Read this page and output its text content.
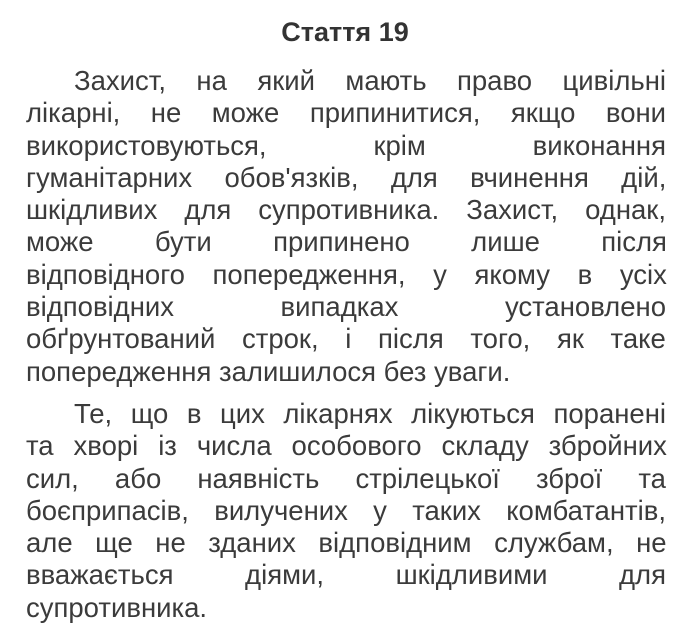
Стаття 19
Захист, на який мають право цивільні
лікарні, не може припинитися, якщо вони
використовуються,	крім	виконання
гуманітарних обов'язків, для вчинення дій,
шкідливих для супротивника. Захист, однак,
може бути припинено лише після
відповідного попередження, у якому в усіх
відповідних	випадках	установлено
обґрунтований строк, і після того, як таке
попередження залишилося без уваги.
Те, що в цих лікарнях лікуються поранені
та хворі із числа особового складу збройних
сил, або наявність стрілецької зброї та
боєприпасів, вилучених у таких комбатантів,
але ще не зданих відповідним службам, не
вважається	діями,	шкідливими	для
супротивника.
